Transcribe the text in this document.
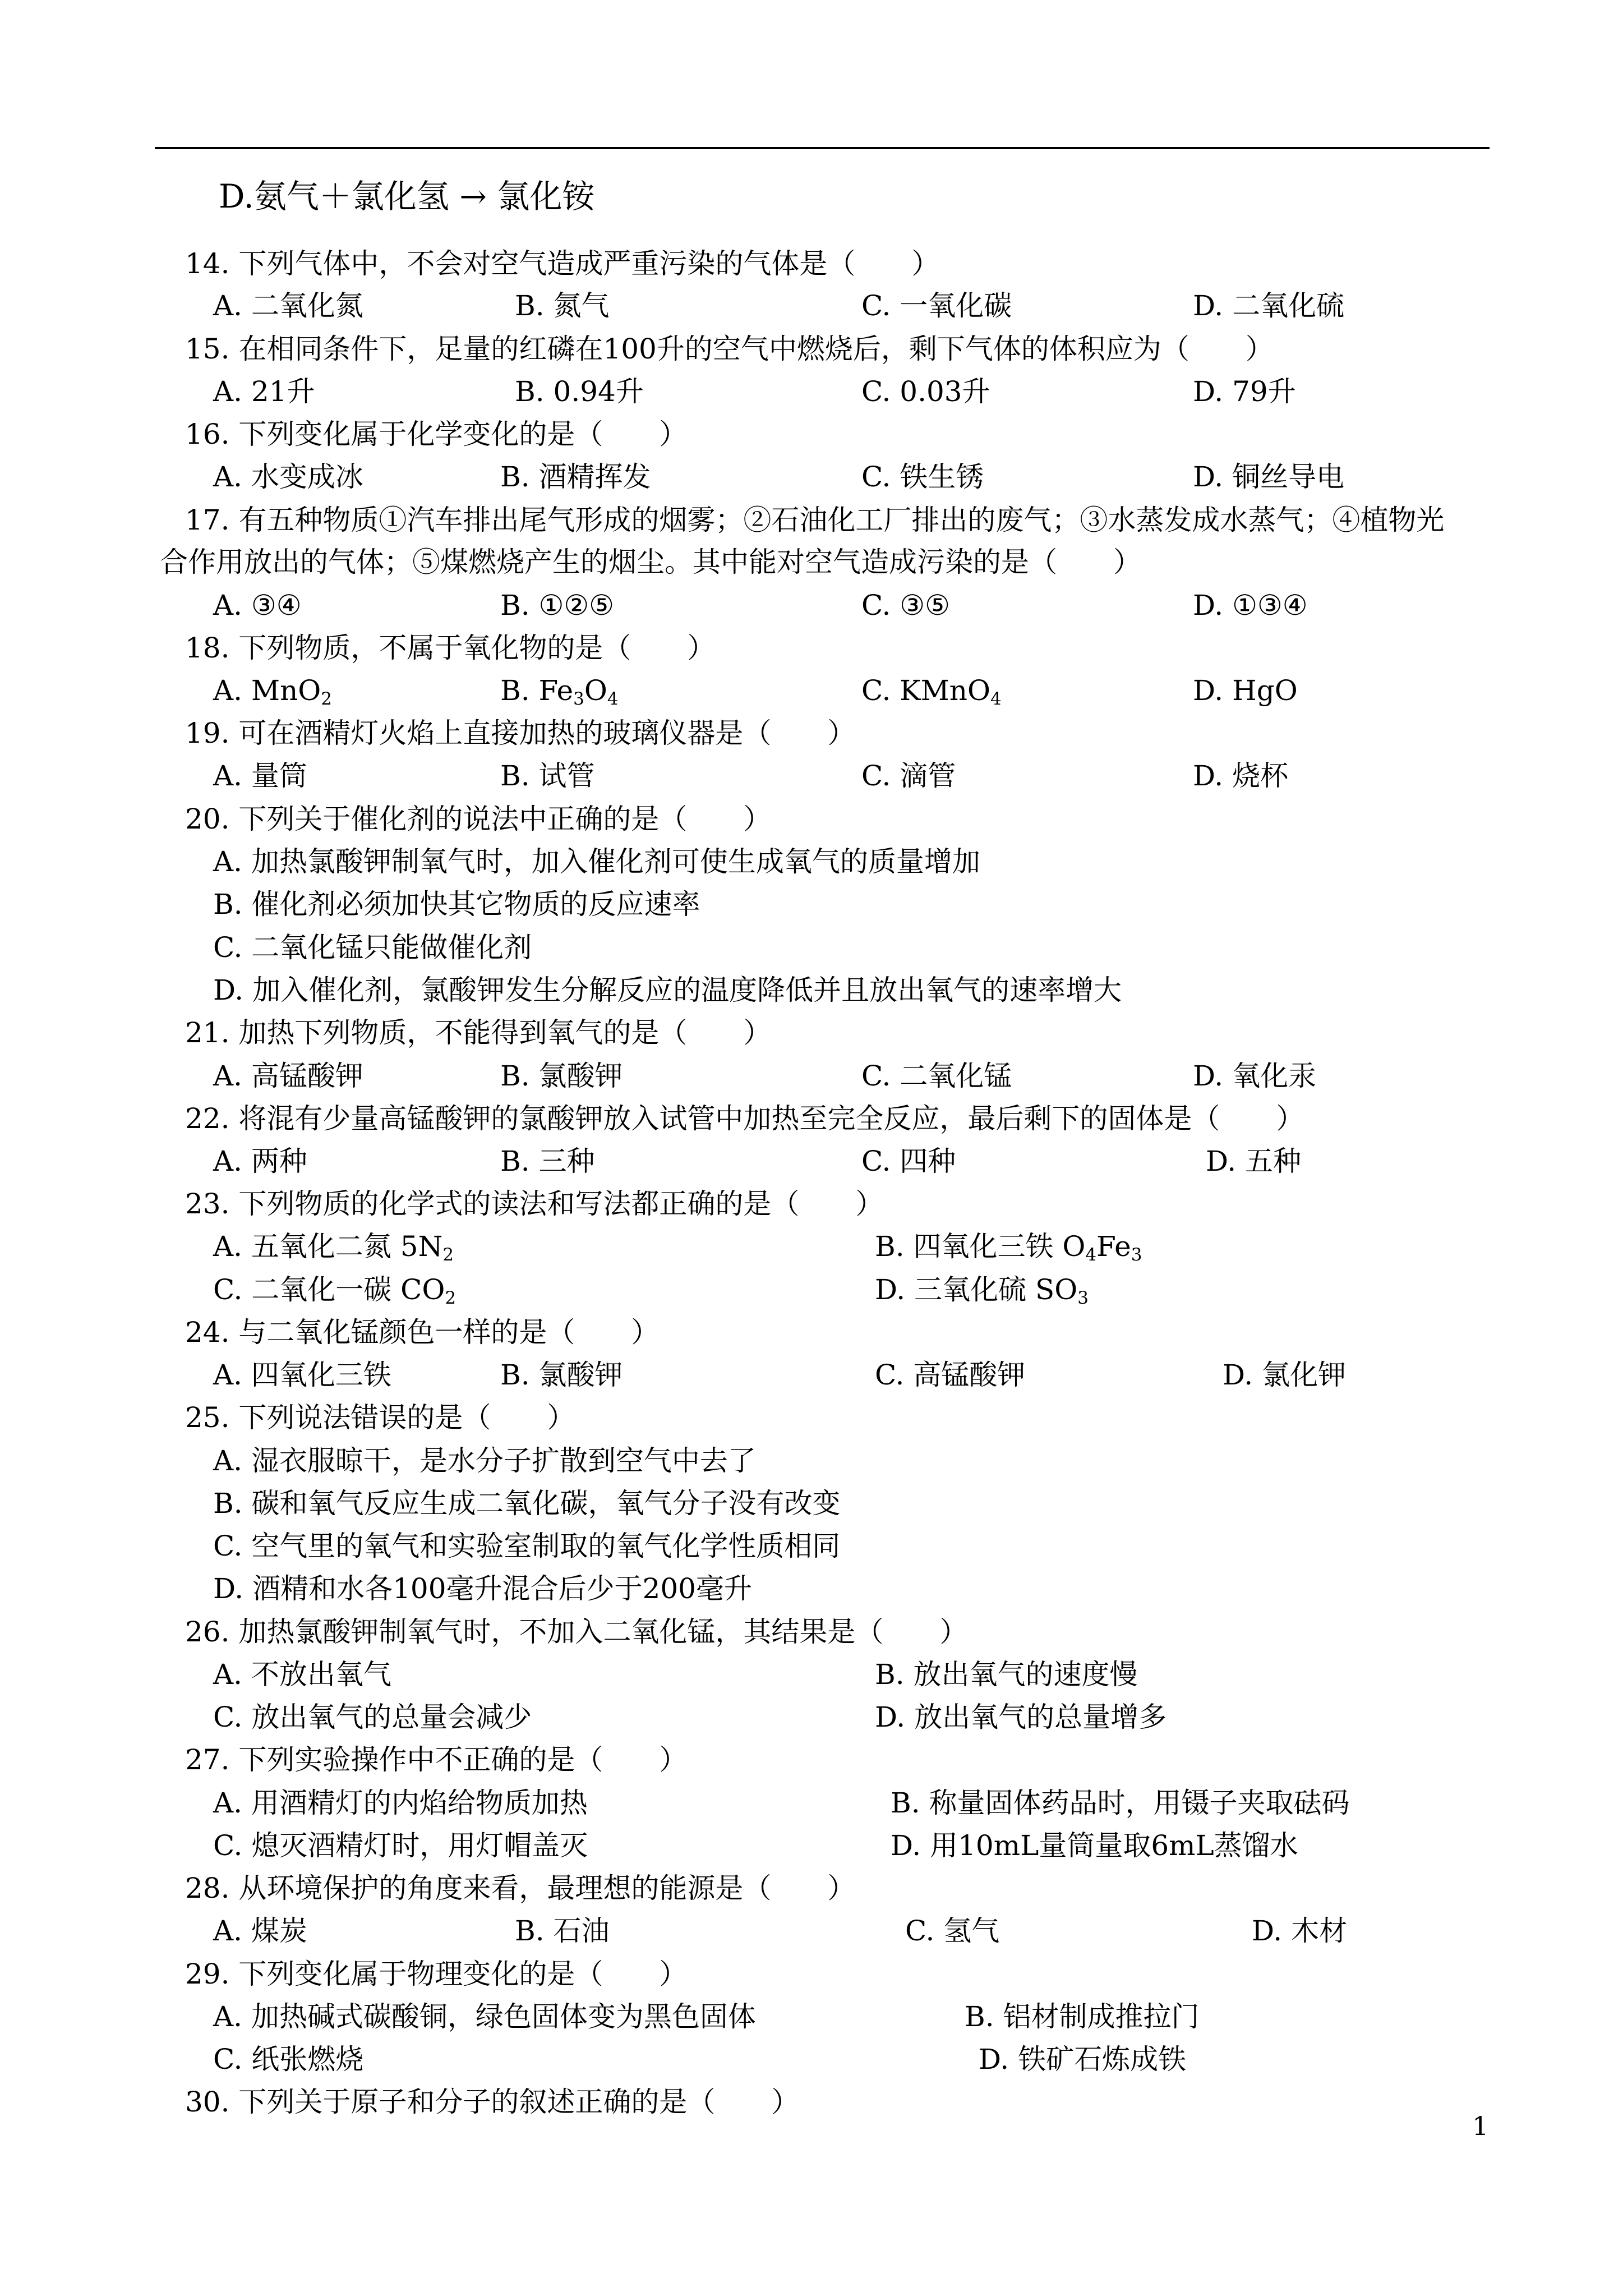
D.氨气＋氯化氢 → 氯化铵
14. 下列气体中，不会对空气造成严重污染的气体是（　　）
A. 二氧化氮	B. 氮气	C. 一氧化碳	D. 二氧化硫
15. 在相同条件下，足量的红磷在100升的空气中燃烧后，剩下气体的体积应为（　　）
A. 21升	B. 0.94升	C. 0.03升	D. 79升
16. 下列变化属于化学变化的是（　　）
A. 水变成冰	B. 酒精挥发	C. 铁生锈	D. 铜丝导电
17. 有五种物质①汽车排出尾气形成的烟雾；②石油化工厂排出的废气；③水蒸发成水蒸气；④植物光
合作用放出的气体；⑤煤燃烧产生的烟尘。其中能对空气造成污染的是（　　）
A. ③④	B. ①②⑤	C. ③⑤	D. ①③④
18. 下列物质，不属于氧化物的是（　　）
A. MnO$_2$	B. $Fe_3O_4$	C. KMnO$_4$	D. HgO
19. 可在酒精灯火焰上直接加热的玻璃仪器是（　　）
A. 量筒	B. 试管	C. 滴管	D. 烧杯
20. 下列关于催化剂的说法中正确的是（　　）
A. 加热氯酸钾制氧气时，加入催化剂可使生成氧气的质量增加
B. 催化剂必须加快其它物质的反应速率
C. 二氧化锰只能做催化剂
D. 加入催化剂，氯酸钾发生分解反应的温度降低并且放出氧气的速率增大
21. 加热下列物质，不能得到氧气的是（　　）
A. 高锰酸钾	B. 氯酸钾	C. 二氧化锰	D. 氧化汞
22. 将混有少量高锰酸钾的氯酸钾放入试管中加热至完全反应，最后剩下的固体是（　　）
A. 两种	B. 三种	C. 四种	D. 五种
23. 下列物质的化学式的读法和写法都正确的是（　　）
A. 五氧化二氮 $5N_2$	B. 四氧化三铁 $O_4Fe_3$
C. 二氧化一碳 $CO_2$	D. 三氧化硫 $SO_3$
24. 与二氧化锰颜色一样的是（　　）
A. 四氧化三铁	B. 氯酸钾	C. 高锰酸钾	D. 氯化钾
25. 下列说法错误的是（　　）
A. 湿衣服晾干，是水分子扩散到空气中去了
B. 碳和氧气反应生成二氧化碳，氧气分子没有改变
C. 空气里的氧气和实验室制取的氧气化学性质相同
D. 酒精和水各100毫升混合后少于200毫升
26. 加热氯酸钾制氧气时，不加入二氧化锰，其结果是（　　）
A. 不放出氧气	B. 放出氧气的速度慢
C. 放出氧气的总量会减少	D. 放出氧气的总量增多
27. 下列实验操作中不正确的是（　　）
A. 用酒精灯的内焰给物质加热	B. 称量固体药品时，用镊子夹取砝码
C. 熄灭酒精灯时，用灯帽盖灭	D. 用10mL量筒量取6mL蒸馏水
28. 从环境保护的角度来看，最理想的能源是（　　）
A. 煤炭	B. 石油	C. 氢气	D. 木材
29. 下列变化属于物理变化的是（　　）
A. 加热碱式碳酸铜，绿色固体变为黑色固体	B. 铝材制成推拉门
C. 纸张燃烧	D. 铁矿石炼成铁
30. 下列关于原子和分子的叙述正确的是（　　）
1
